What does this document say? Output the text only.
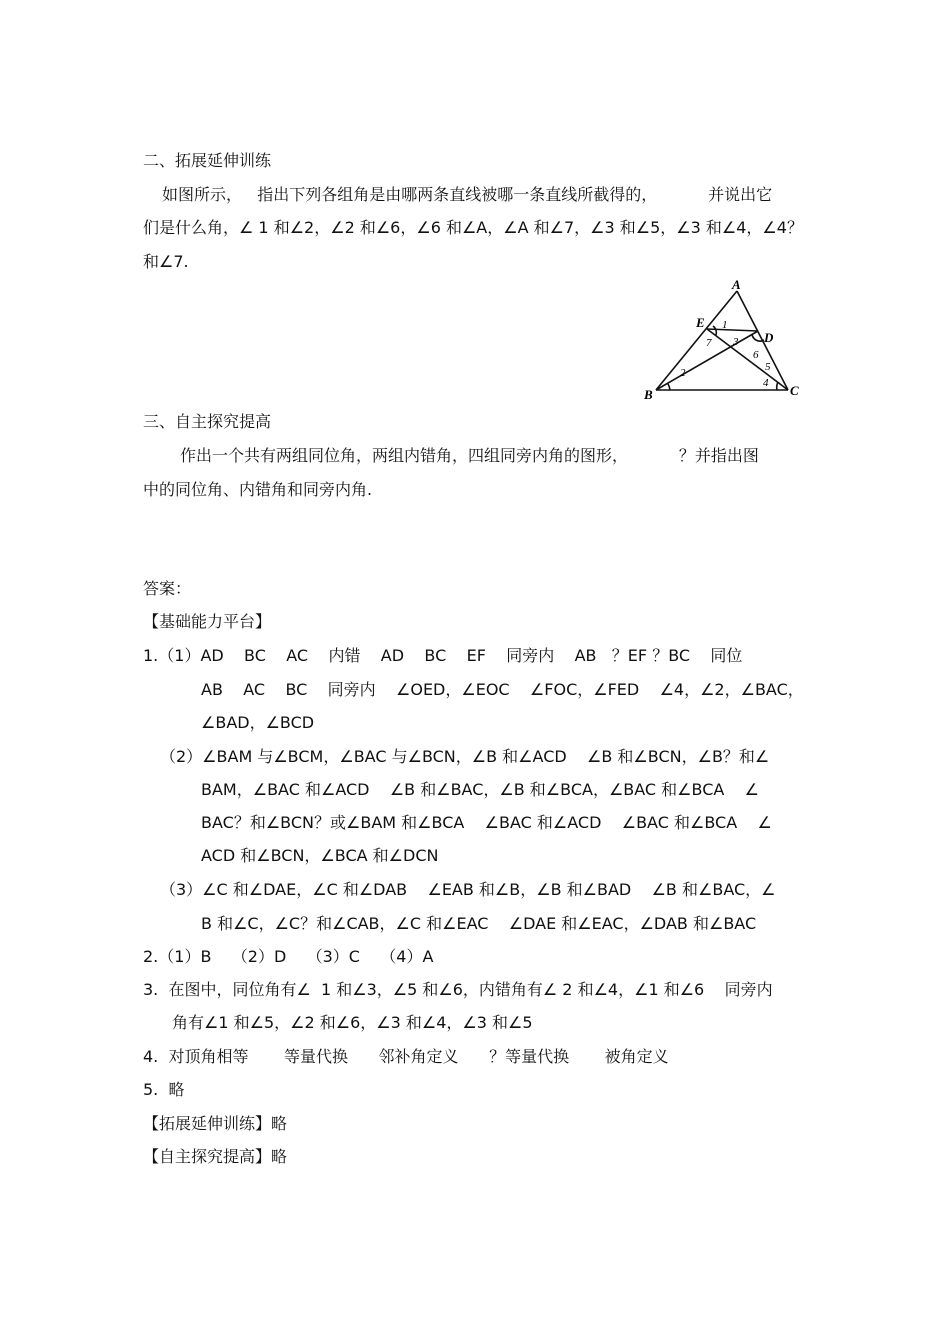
二、拓展延伸训练
如图所示，   指出下列各组角是由哪两条直线被哪一条直线所截得的，          并说出它
们是什么角，∠ 1 和∠2，∠2 和∠6，∠6 和∠A，∠A 和∠7，∠3 和∠5，∠3 和∠4，∠4？
和∠7.
A
B	C
D
E 1
2
3
4
5
6
7
三、自主探究提高
作出一个共有两组同位角，两组内错角，四组同旁内角的图形，          ？并指出图
中的同位角、内错角和同旁内角.
答案：
【基础能力平台】
1.（1）AD    BC    AC    内错    AD    BC    EF    同旁内    AB   ？EF ？BC    同位
AB    AC    BC    同旁内    ∠OED，∠EOC    ∠FOC，∠FED    ∠4，∠2，∠BAC，
∠BAD，∠BCD
（2）∠BAM 与∠BCM，∠BAC 与∠BCN，∠B 和∠ACD    ∠B 和∠BCN，∠B？和∠
BAM，∠BAC 和∠ACD    ∠B 和∠BAC，∠B 和∠BCA，∠BAC 和∠BCA    ∠
BAC？和∠BCN？或∠BAM 和∠BCA    ∠BAC 和∠ACD    ∠BAC 和∠BCA    ∠
ACD 和∠BCN，∠BCA 和∠DCN
（3）∠C 和∠DAE，∠C 和∠DAB    ∠EAB 和∠B，∠B 和∠BAD    ∠B 和∠BAC，∠
B 和∠C，∠C？和∠CAB，∠C 和∠EAC    ∠DAE 和∠EAC，∠DAB 和∠BAC
2.（1）B    （2）D    （3）C    （4）A
3.  在图中，同位角有∠  1 和∠3，∠5 和∠6，内错角有∠ 2 和∠4，∠1 和∠6    同旁内
角有∠1 和∠5，∠2 和∠6，∠3 和∠4，∠3 和∠5
4.  对顶角相等       等量代换      邻补角定义      ？等量代换       被角定义
5.  略
【拓展延伸训练】略
【自主探究提高】略
